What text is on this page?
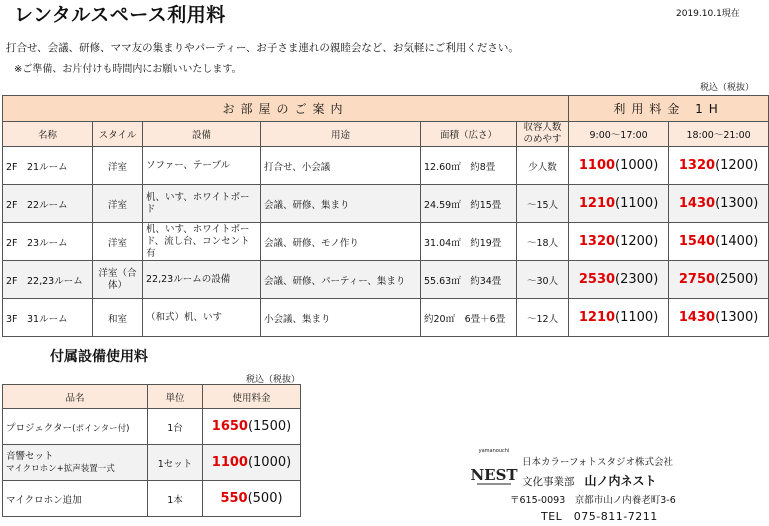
レンタルスペース利用料	2019.10.1現在
打合せ、会議、研修、ママ友の集まりやパーティー、お子さま連れの親睦会など、お気軽にご利用ください。
※ご準備、お片付けも時間内にお願いいたします。
税込（税抜）
お部屋のご案内						利用料金 1H	
名称	スタイル	設備	用途	面積（広さ）	収容人数のめやす	9:00〜17:00	18:00〜21:00
2F　21ルーム	洋室	ソファー、テーブル	打合せ、小会議	12.60㎡　 約8畳	少人数	1100(1000)	1320(1200)
2F　22ルーム	洋室	机、いす、ホワイトボード	会議、研修、集まり	24.59㎡　 約15畳	〜15人	1210(1100)	1430(1300)
2F　23ルーム	洋室	机、いす、ホワイトボード、流し台、コンセント有	会議、研修、モノ作り	31.04㎡　 約19畳	〜18人	1320(1200)	1540(1400)
2F　22,23ルーム	洋室（合体）	22,23ルームの設備	会議、研修、パーティー、集まり	55.63㎡　 約34畳	〜30人	2530(2300)	2750(2500)
3F　31ルーム	和室	（和式）机、いす	小会議、集まり	約20㎡　 6畳＋6畳	〜12人	1210(1100)	1430(1300)
付属設備使用料
税込（税抜）
品名	単位	使用料金
プロジェクター(ポインター付)	1台	1650(1500)

音響セット
マイクロホン+拡声装置一式	1セット	1100(1000)
マイクロホン追加	1本	550(500)
yamanouchi
NEST
日本カラーフォトスタジオ株式会社
文化事業部 山ノ内ネスト
〒615-0093　京都市山ノ内養老町3-6
TEL　075-811-7211
